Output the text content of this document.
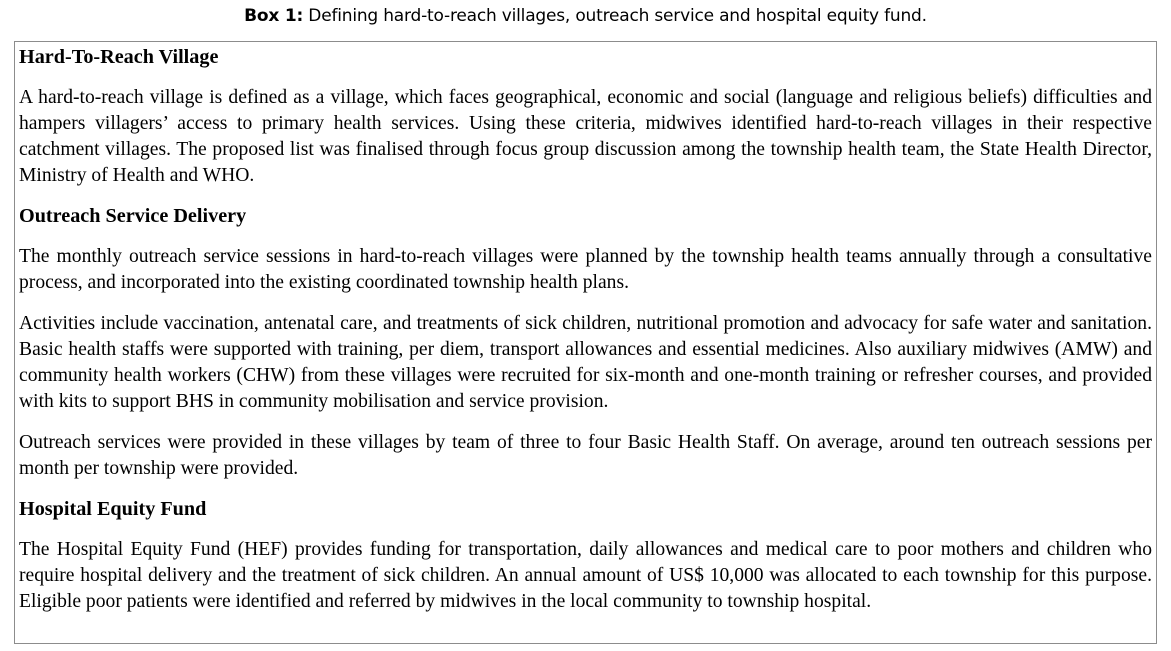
Box 1: Defining hard-to-reach villages, outreach service and hospital equity fund.
Hard-To-Reach Village

A hard-to-reach village is defined as a village, which faces geographical, economic and social (language and religious beliefs) difficulties and hampers villagers’ access to primary health services. Using these criteria, midwives identified hard-to-reach villages in their respective catchment villages. The proposed list was finalised through focus group discussion among the township health team, the State Health Director, Ministry of Health and WHO.

Outreach Service Delivery

The monthly outreach service sessions in hard-to-reach villages were planned by the township health teams annually through a consultative process, and incorporated into the existing coordinated township health plans.

Activities include vaccination, antenatal care, and treatments of sick children, nutritional promotion and advocacy for safe water and sanitation. Basic health staffs were supported with training, per diem, transport allowances and essential medicines. Also auxiliary midwives (AMW) and community health workers (CHW) from these villages were recruited for six-month and one-month training or refresher courses, and provided with kits to support BHS in community mobilisation and service provision.

Outreach services were provided in these villages by team of three to four Basic Health Staff. On average, around ten outreach sessions per month per township were provided.

Hospital Equity Fund

The Hospital Equity Fund (HEF) provides funding for transportation, daily allowances and medical care to poor mothers and children who require hospital delivery and the treatment of sick children. An annual amount of US$ 10,000 was allocated to each township for this purpose. Eligible poor patients were identified and referred by midwives in the local community to township hospital.
